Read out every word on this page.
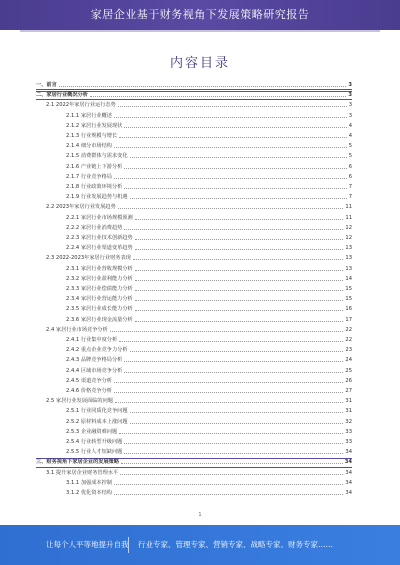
家居企业基于财务视角下发展策略研究报告
内容目录
一、前言	3
二、家居行业概况分析	3
2.1 2022年家居行业运行态势	3
2.1.1 家居行业概述	3
2.1.2 家居行业发展现状	4
2.1.3 行业规模与增长	4
2.1.4 细分市场结构	5
2.1.5 消费群体与需求变化	5
2.1.6 产业链上下游分析	6
2.1.7 行业竞争格局	6
2.1.8 行业政策环境分析	7
2.1.9 行业发展趋势与机遇	7
2.2 2023年家居行业发展趋势	11
2.2.1 家居行业市场规模预测	11
2.2.2 家居行业消费趋势	12
2.2.3 家居行业技术创新趋势	12
2.2.4 家居行业渠道变革趋势	13
2.3 2022-2023年家居行业财务表现	13
2.3.1 家居行业营收规模分析	13
2.3.2 家居行业盈利能力分析	14
2.3.3 家居行业偿债能力分析	15
2.3.4 家居行业营运能力分析	15
2.3.5 家居行业成长能力分析	16
2.3.6 家居行业现金流量分析	17
2.4 家居行业市场竞争分析	22
2.4.1 行业集中度分析	22
2.4.2 重点企业竞争力分析	23
2.4.3 品牌竞争格局分析	24
2.4.4 区域市场竞争分析	25
2.4.5 渠道竞争分析	26
2.4.6 价格竞争分析	27
2.5 家居行业发展面临的问题	31
2.5.1 行业同质化竞争问题	31
2.5.2 原材料成本上涨问题	32
2.5.3 企业融资难问题	33
2.5.4 行业转型升级问题	33
2.5.5 行业人才短缺问题	34
三、财务视角下家居企业的发展策略	34
3.1 提升家居企业财务管理水平	34
3.1.1 加强成本控制	34
3.1.2 优化资本结构	34
1
让每个人平等地提升自我 行业专家、管理专家、营销专家、战略专家、财务专家……
